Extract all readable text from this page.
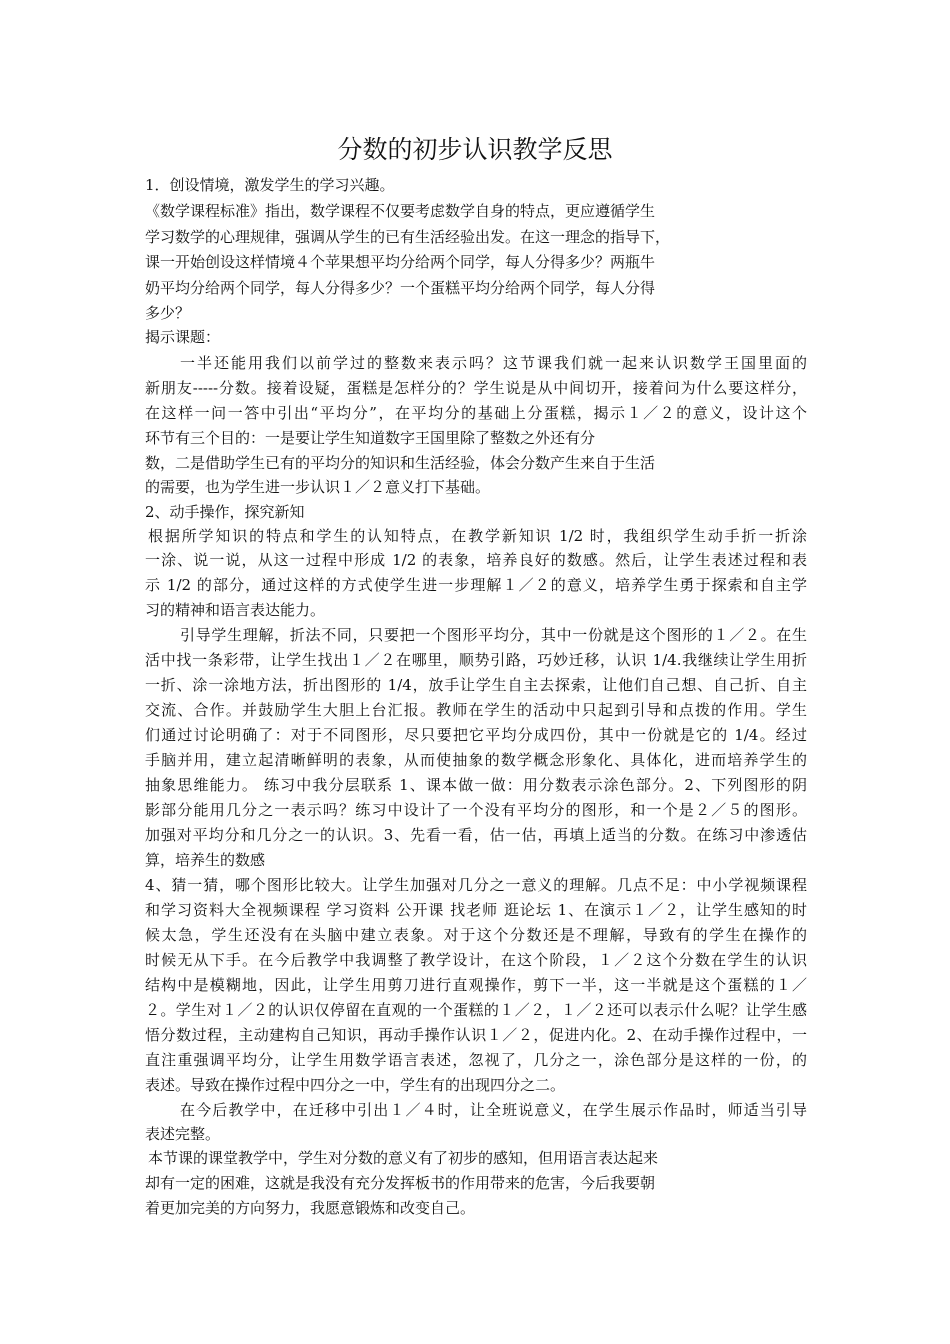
分数的初步认识教学反思
1．创设情境，激发学生的学习兴趣。
《数学课程标准》指出，数学课程不仅要考虑数学自身的特点，更应遵循学生
学习数学的心理规律，强调从学生的已有生活经验出发。在这一理念的指导下，
课一开始创设这样情境４个苹果想平均分给两个同学，每人分得多少？两瓶牛
奶平均分给两个同学，每人分得多少？一个蛋糕平均分给两个同学，每人分得
多少？
揭示课题：
一半还能用我们以前学过的整数来表示吗？这节课我们就一起来认识数学王国里面的
新朋友-----分数。接着设疑，蛋糕是怎样分的？学生说是从中间切开，接着问为什么要这样分，
在这样一问一答中引出“平均分”，在平均分的基础上分蛋糕，揭示１／２的意义，设计这个
环节有三个目的：一是要让学生知道数字王国里除了整数之外还有分
数，二是借助学生已有的平均分的知识和生活经验，体会分数产生来自于生活
的需要，也为学生进一步认识１／２意义打下基础。
2、动手操作，探究新知
根据所学知识的特点和学生的认知特点，在教学新知识 1/2 时，我组织学生动手折一折涂
一涂、说一说，从这一过程中形成 1/2 的表象，培养良好的数感。然后，让学生表述过程和表
示 1/2 的部分，通过这样的方式使学生进一步理解１／２的意义，培养学生勇于探索和自主学
习的精神和语言表达能力。
引导学生理解，折法不同，只要把一个图形平均分，其中一份就是这个图形的１／２。在生
活中找一条彩带，让学生找出１／２在哪里，顺势引路，巧妙迁移，认识 1/4.我继续让学生用折
一折、涂一涂地方法，折出图形的 1/4，放手让学生自主去探索，让他们自己想、自己折、自主
交流、合作。并鼓励学生大胆上台汇报。教师在学生的活动中只起到引导和点拨的作用。学生
们通过讨论明确了：对于不同图形，尽只要把它平均分成四份，其中一份就是它的 1/4。经过
手脑并用，建立起清晰鲜明的表象，从而使抽象的数学概念形象化、具体化，进而培养学生的
抽象思维能力。 练习中我分层联系 1、课本做一做：用分数表示涂色部分。2、下列图形的阴
影部分能用几分之一表示吗？练习中设计了一个没有平均分的图形，和一个是２／５的图形。
加强对平均分和几分之一的认识。3、先看一看，估一估，再填上适当的分数。在练习中渗透估
算，培养生的数感
4、猜一猜，哪个图形比较大。让学生加强对几分之一意义的理解。几点不足：中小学视频课程
和学习资料大全视频课程 学习资料 公开课 找老师 逛论坛 1、在演示１／２，让学生感知的时
候太急，学生还没有在头脑中建立表象。对于这个分数还是不理解，导致有的学生在操作的
时候无从下手。在今后教学中我调整了教学设计，在这个阶段，１／２这个分数在学生的认识
结构中是模糊地，因此，让学生用剪刀进行直观操作，剪下一半，这一半就是这个蛋糕的１／
２。学生对１／２的认识仅停留在直观的一个蛋糕的１／２，１／２还可以表示什么呢？让学生感
悟分数过程，主动建构自己知识，再动手操作认识１／２，促进内化。2、在动手操作过程中，一
直注重强调平均分，让学生用数学语言表述，忽视了，几分之一，涂色部分是这样的一份，的
表述。导致在操作过程中四分之一中，学生有的出现四分之二。
在今后教学中，在迁移中引出１／４时，让全班说意义，在学生展示作品时，师适当引导
表述完整。
本节课的课堂教学中，学生对分数的意义有了初步的感知，但用语言表达起来
却有一定的困难，这就是我没有充分发挥板书的作用带来的危害，今后我要朝
着更加完美的方向努力，我愿意锻炼和改变自己。
